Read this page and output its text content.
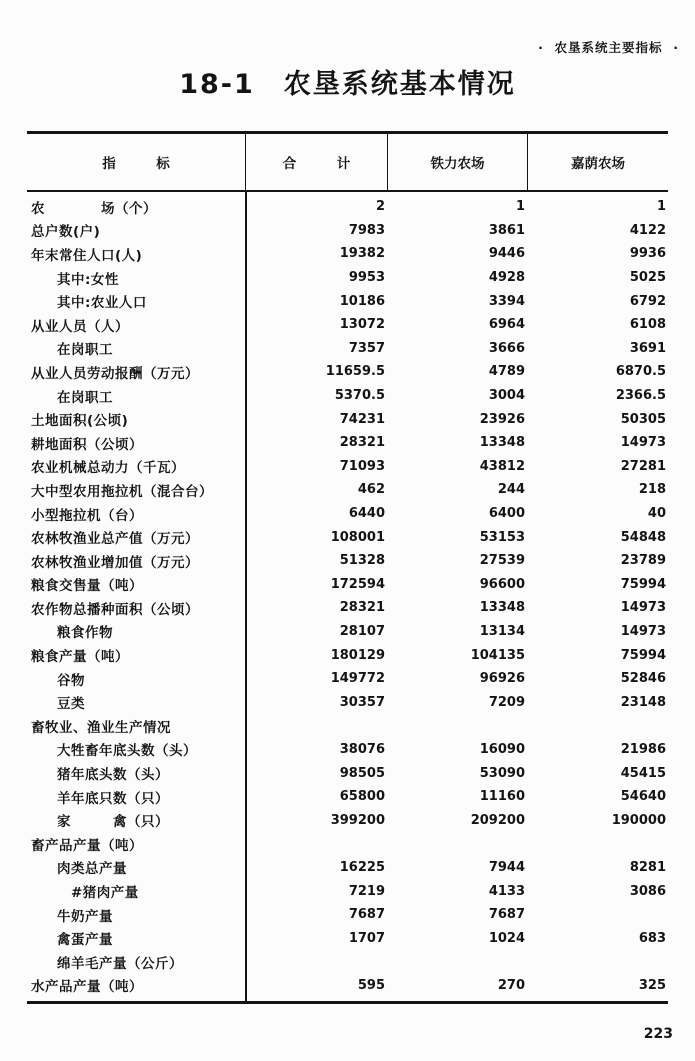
·  农垦系统主要指标  ·
18-1　农垦系统基本情况
指　　　标	合　　　计	铁力农场	嘉荫农场
农　　　　场（个）	2	1	1
总户数(户)	7983	3861	4122
年末常住人口(人)	19382	9446	9936
其中:女性	9953	4928	5025
其中:农业人口	10186	3394	6792
从业人员（人）	13072	6964	6108
在岗职工	7357	3666	3691
从业人员劳动报酬（万元）	11659.5	4789	6870.5
在岗职工	5370.5	3004	2366.5
土地面积(公顷)	74231	23926	50305
耕地面积（公顷）	28321	13348	14973
农业机械总动力（千瓦）	71093	43812	27281
大中型农用拖拉机（混合台）	462	244	218
小型拖拉机（台）	6440	6400	40
农林牧渔业总产值（万元）	108001	53153	54848
农林牧渔业增加值（万元）	51328	27539	23789
粮食交售量（吨）	172594	96600	75994
农作物总播种面积（公顷）	28321	13348	14973
粮食作物	28107	13134	14973
粮食产量（吨）	180129	104135	75994
谷物	149772	96926	52846
豆类	30357	7209	23148
畜牧业、渔业生产情况
大牲畜年底头数（头）	38076	16090	21986
猪年底头数（头）	98505	53090	45415
羊年底只数（只）	65800	11160	54640
家　　　禽（只）	399200	209200	190000
畜产品产量（吨）
肉类总产量	16225	7944	8281
#猪肉产量	7219	4133	3086
牛奶产量	7687	7687
禽蛋产量	1707	1024	683
绵羊毛产量（公斤）
水产品产量（吨）	595	270	325
223
